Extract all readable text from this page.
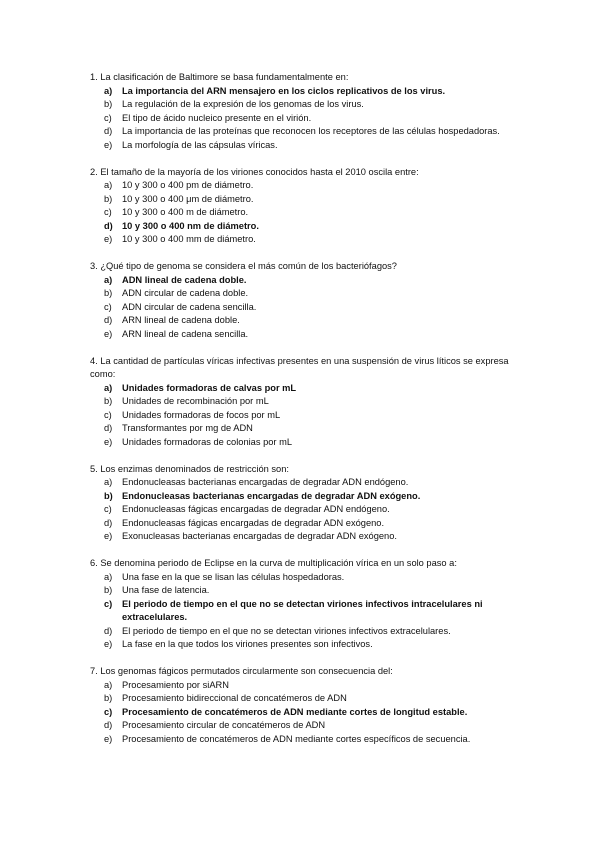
1. La clasificación de Baltimore se basa fundamentalmente en:

a) La importancia del ARN mensajero en los ciclos replicativos de los virus.
b) La regulación de la expresión de los genomas de los virus.
c) El tipo de ácido nucleico presente en el virión.
d) La importancia de las proteínas que reconocen los receptores de las células hospedadoras.
e) La morfología de las cápsulas víricas.

2. El tamaño de la mayoría de los viriones conocidos hasta el 2010 oscila entre:

a) 10 y 300 o 400 pm de diámetro.
b) 10 y 300 o 400 μm de diámetro.
c) 10 y 300 o 400 m de diámetro.
d) 10 y 300 o 400 nm de diámetro.
e) 10 y 300 o 400 mm de diámetro.

3. ¿Qué tipo de genoma se considera el más común de los bacteriófagos?

a) ADN lineal de cadena doble.
b) ADN circular de cadena doble.
c) ADN circular de cadena sencilla.
d) ARN lineal de cadena doble.
e) ARN lineal de cadena sencilla.

4. La cantidad de partículas víricas infectivas presentes en una suspensión de virus líticos se expresa como:

a) Unidades formadoras de calvas por mL
b) Unidades de recombinación por mL
c) Unidades formadoras de focos por mL
d) Transformantes por mg de ADN
e) Unidades formadoras de colonias por mL

5. Los enzimas denominados de restricción son:

a) Endonucleasas bacterianas encargadas de degradar ADN endógeno.
b) Endonucleasas bacterianas encargadas de degradar ADN exógeno.
c) Endonucleasas fágicas encargadas de degradar ADN endógeno.
d) Endonucleasas fágicas encargadas de degradar ADN exógeno.
e) Exonucleasas bacterianas encargadas de degradar ADN exógeno.

6. Se denomina periodo de Eclipse en la curva de multiplicación vírica en un solo paso a:

a) Una fase en la que se lisan las células hospedadoras.
b) Una fase de latencia.
c) El periodo de tiempo en el que no se detectan viriones infectivos intracelulares ni extracelulares.
d) El periodo de tiempo en el que no se detectan viriones infectivos extracelulares.
e) La fase en la que todos los viriones presentes son infectivos.

7. Los genomas fágicos permutados circularmente son consecuencia del:

a) Procesamiento por siARN
b) Procesamiento bidireccional de concatémeros de ADN
c) Procesamiento de concatémeros de ADN mediante cortes de longitud estable.
d) Procesamiento circular de concatémeros de ADN
e) Procesamiento de concatémeros de ADN mediante cortes específicos de secuencia.
